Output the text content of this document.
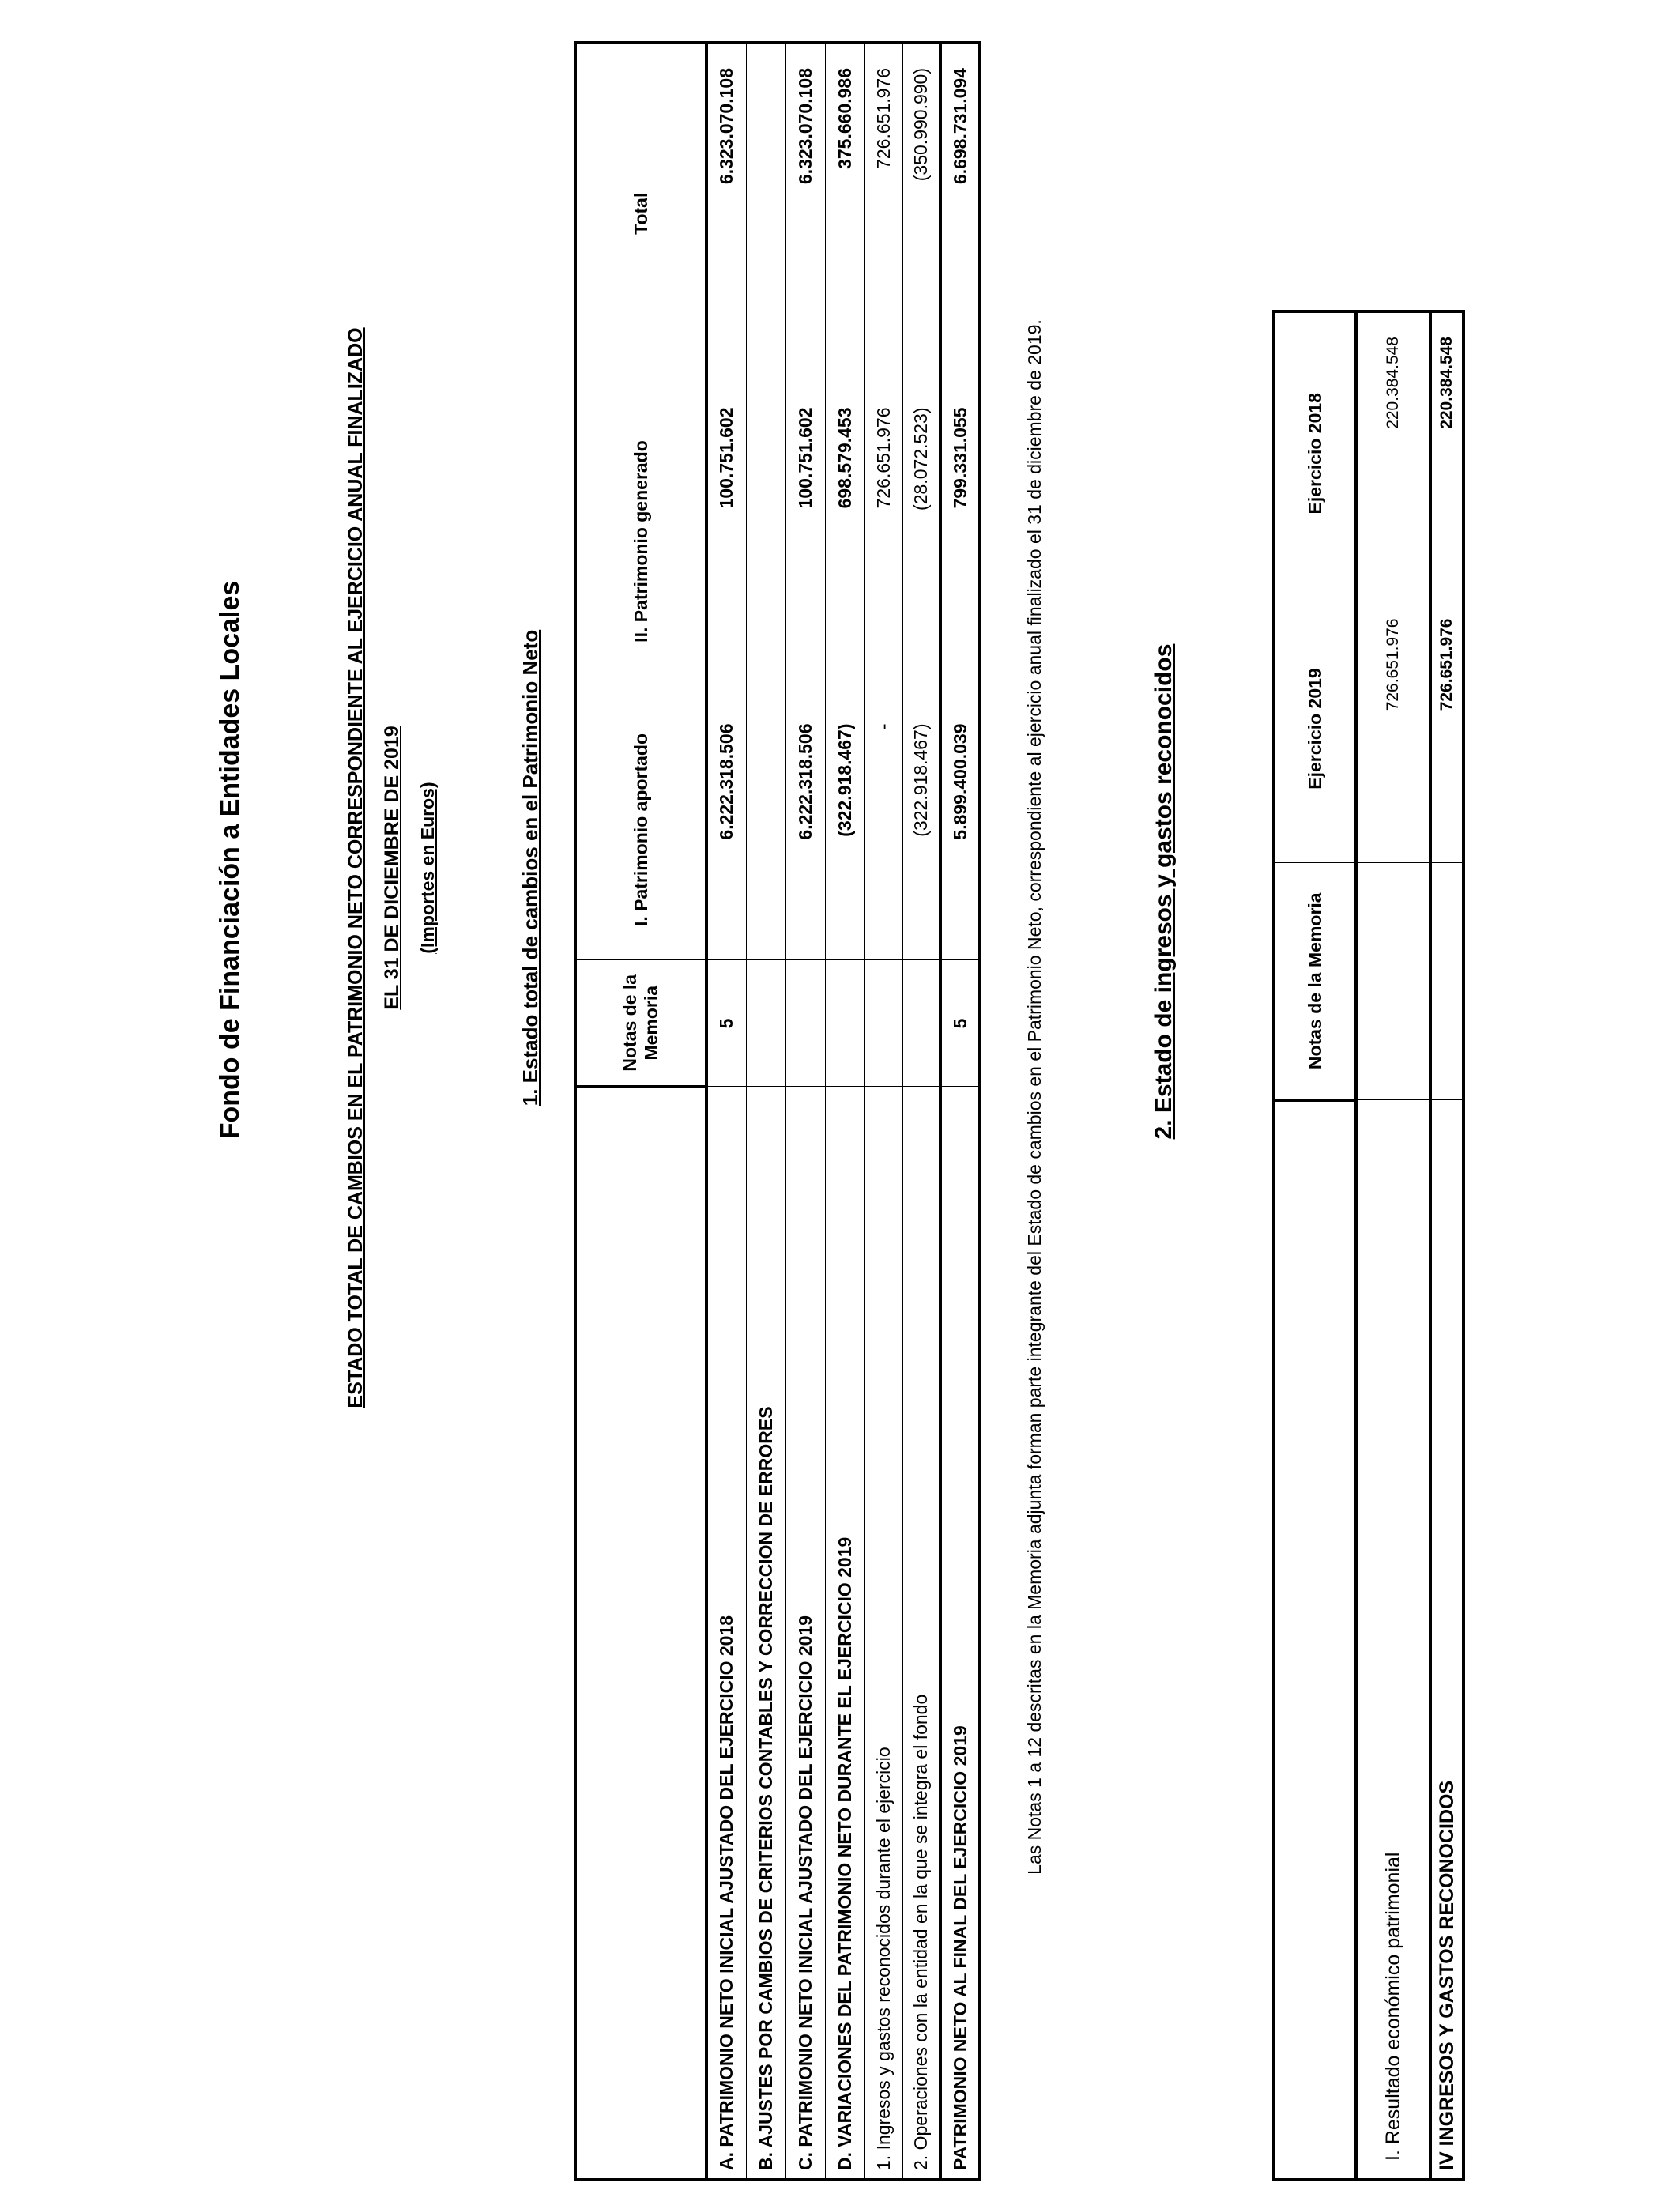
Fondo de Financiación a Entidades Locales	ESTADO TOTAL DE CAMBIOS EN EL PATRIMONIO NETO CORRESPONDIENTE AL EJERCICIO ANUAL FINALIZADO EL 31 DE DICIEMBRE DE 2019 (Importes en Euros)	1. Estado total de cambios en el Patrimonio Neto
		Notas de la Memoria	I. Patrimonio aportado	II. Patrimonio generado	Total
A. PATRIMONIO NETO INICIAL AJUSTADO DEL EJERCICIO 2018	5	6.222.318.506	100.751.602	6.323.070.108
B. AJUSTES POR CAMBIOS DE CRITERIOS CONTABLES Y CORRECCION DE ERRORES				
C. PATRIMONIO NETO INICIAL AJUSTADO DEL EJERCICIO 2019		6.222.318.506	100.751.602	6.323.070.108
D. VARIACIONES DEL PATRIMONIO NETO DURANTE EL EJERCICIO 2019		(322.918.467)	698.579.453	375.660.986
1. Ingresos y gastos reconocidos durante el ejercicio		-	726.651.976	726.651.976
2. Operaciones con la entidad en la que se integra el fondo		(322.918.467)	(28.072.523)	(350.990.990)
PATRIMONIO NETO AL FINAL DEL EJERCICIO 2019	5	5.899.400.039	799.331.055	6.698.731.094
Las Notas 1 a 12 descritas en la Memoria adjunta forman parte integrante del Estado de cambios en el Patrimonio Neto, correspondiente al ejercicio anual finalizado el 31 de diciembre de 2019.	2. Estado de ingresos y gastos reconocidos
		Notas de la Memoria	Ejercicio 2019	Ejercicio 2018
I. Resultado económico patrimonial		726.651.976	220.384.548
IV INGRESOS Y GASTOS RECONOCIDOS		726.651.976	220.384.548
